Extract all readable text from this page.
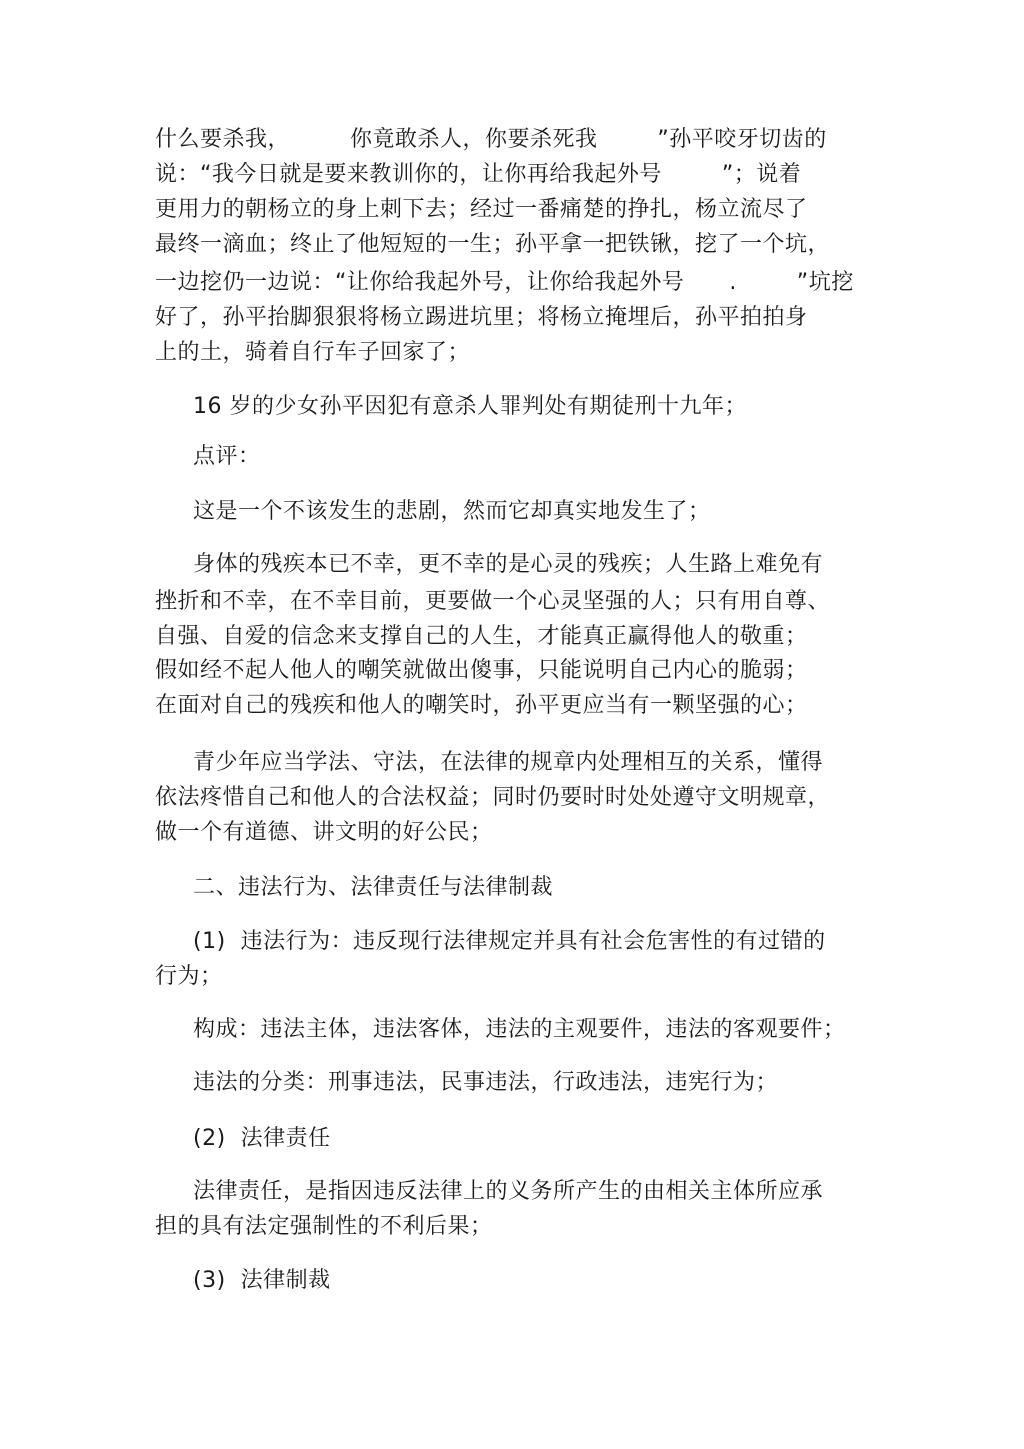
什么要杀我，        你竟敢杀人，你要杀死我        ”孙平咬牙切齿的
说：“我今日就是要来教训你的，让你再给我起外号        ”；说着
更用力的朝杨立的身上刺下去；经过一番痛楚的挣扎，杨立流尽了
最终一滴血；终止了他短短的一生；孙平拿一把铁锹，挖了一个坑，
一边挖仍一边说：“让你给我起外号，让你给我起外号      .        ”坑挖
好了，孙平抬脚狠狠将杨立踢进坑里；将杨立掩埋后，孙平拍拍身
上的土，骑着自行车子回家了；
16 岁的少女孙平因犯有意杀人罪判处有期徒刑十九年；
点评：
这是一个不该发生的悲剧，然而它却真实地发生了；
身体的残疾本已不幸，更不幸的是心灵的残疾；人生路上难免有
挫折和不幸，在不幸目前，更要做一个心灵坚强的人；只有用自尊、
自强、自爱的信念来支撑自己的人生，才能真正赢得他人的敬重；
假如经不起人他人的嘲笑就做出傻事，只能说明自己内心的脆弱；
在面对自己的残疾和他人的嘲笑时，孙平更应当有一颗坚强的心；
青少年应当学法、守法，在法律的规章内处理相互的关系，懂得
依法疼惜自己和他人的合法权益；同时仍要时时处处遵守文明规章，
做一个有道德、讲文明的好公民；
二、违法行为、法律责任与法律制裁
(1)  违法行为：违反现行法律规定并具有社会危害性的有过错的
行为；
构成：违法主体，违法客体，违法的主观要件，违法的客观要件；
违法的分类：刑事违法，民事违法，行政违法，违宪行为；
(2)  法律责任
法律责任，是指因违反法律上的义务所产生的由相关主体所应承
担的具有法定强制性的不利后果；
(3)  法律制裁
